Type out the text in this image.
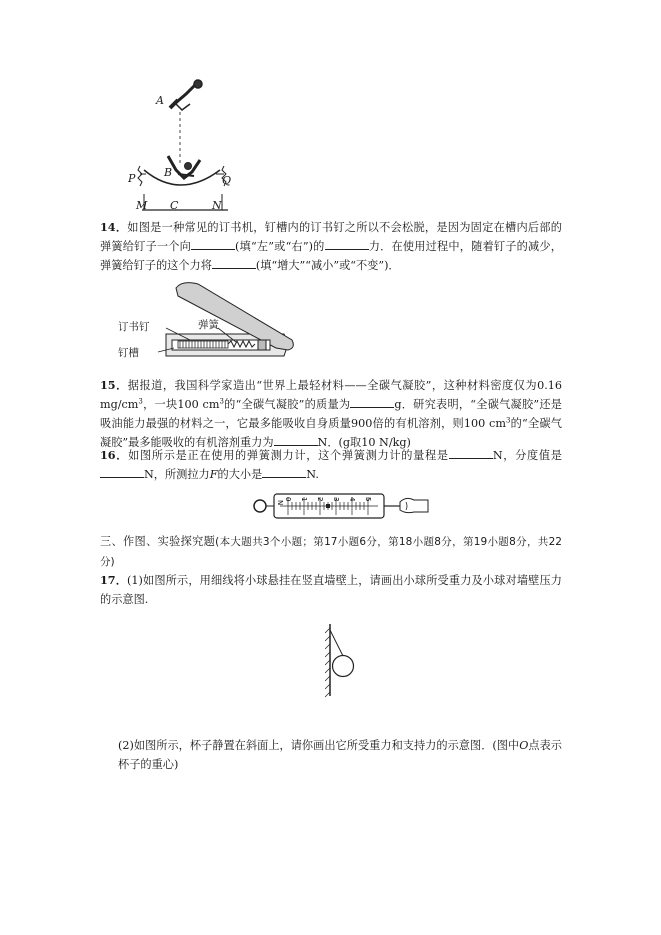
A
B
P	Q
M C	N
14．如图是一种常见的订书机，钉槽内的订书钉之所以不会松脱，是因为固定在槽内后部的弹簧给钉子一个向	(填“左”或“右”)的	力．在使用过程中，随着钉子的减少，弹簧给钉子的这个力将	(填“增大”“减小”或“不变”)．
订书钉	弹簧
钉槽
15．据报道，我国科学家造出“世界上最轻材料——全碳气凝胶”，这种材料密度仅为0.16 $mg/cm^3$，一块100 $cm^3$的“全碳气凝胶”的质量为	g．研究表明，“全碳气凝胶”还是吸油能力最强的材料之一，它最多能吸收自身质量900倍的有机溶剂，则100 $cm^3$的“全碳气凝胶”最多能吸收的有机溶剂重力为	N．(g取10 N/kg)
16．如图所示是正在使用的弹簧测力计，这个弹簧测力计的量程是	N，分度值是N，所测拉力F的大小是	N.
N
0 1 2 3 4 5
三、作图、实验探究题(本大题共3个小题；第17小题6分，第18小题8分，第19小题8分，共22分)
17．(1)如图所示，用细线将小球悬挂在竖直墙壁上，请画出小球所受重力及小球对墙壁压力的示意图.
(2)如图所示，杯子静置在斜面上，请你画出它所受重力和支持力的示意图．(图中O点表示杯子的重心)
